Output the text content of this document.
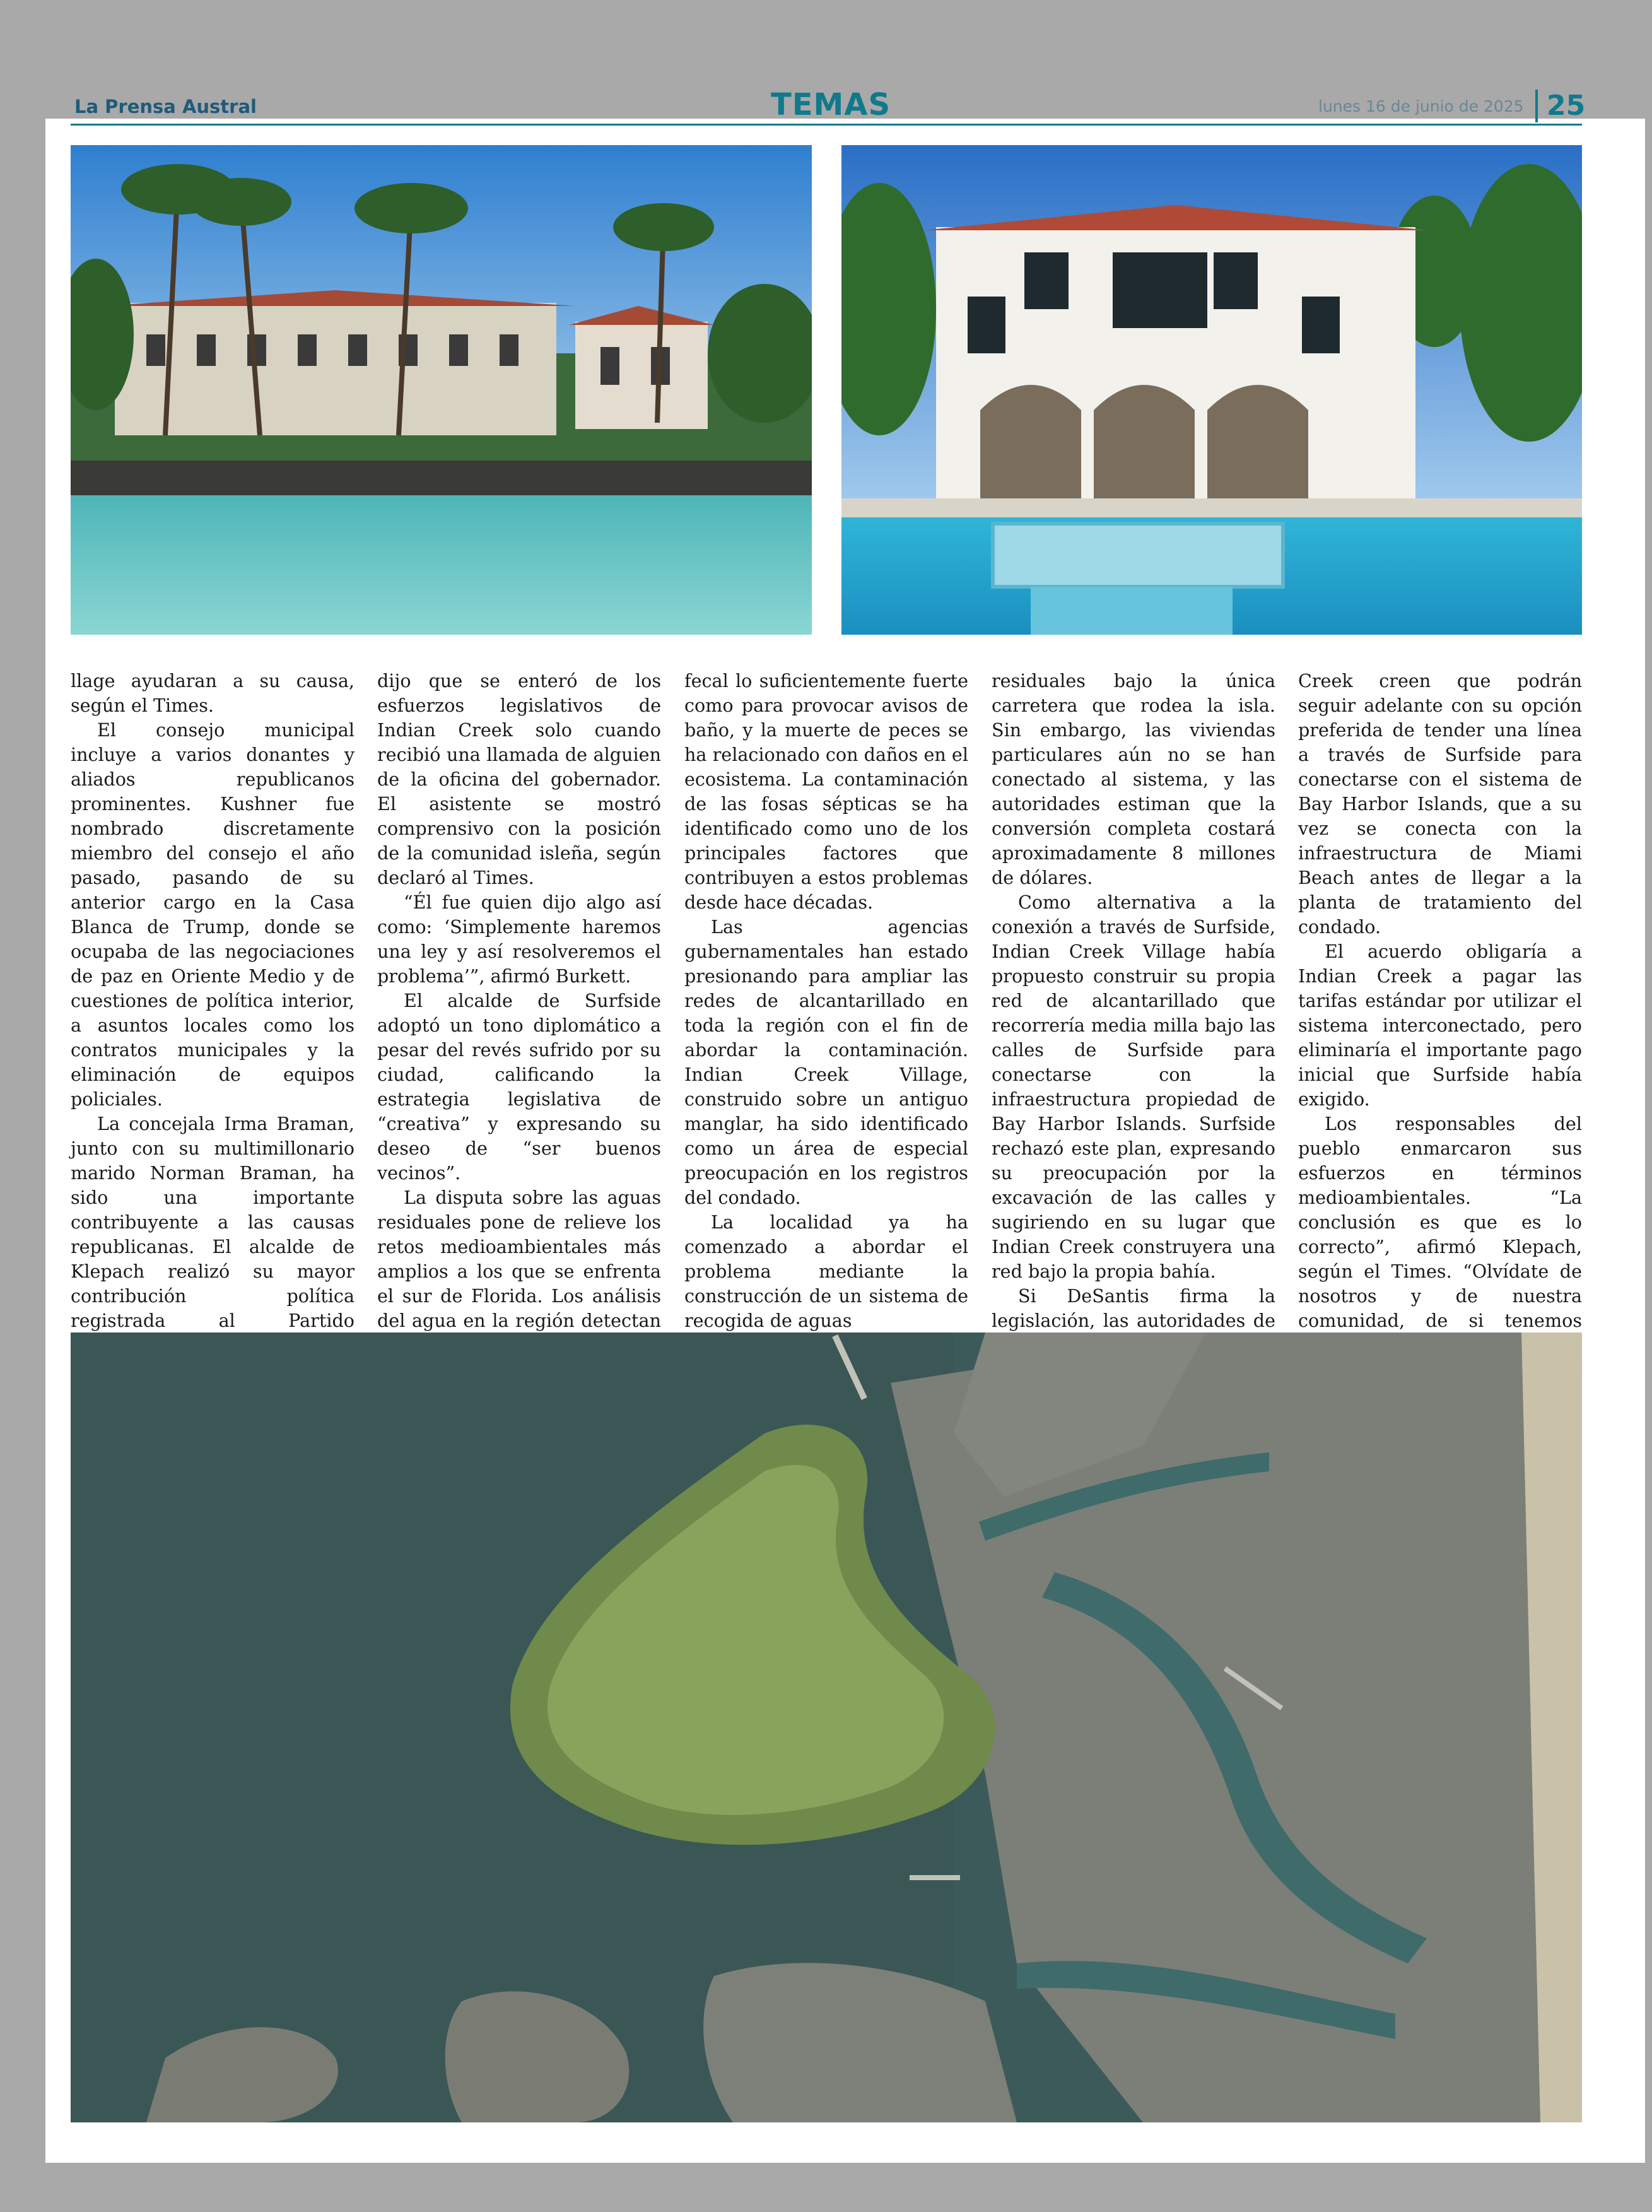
La Prensa Austral	TEMAS	lunes 16 de junio de 2025 25

llage ayudaran a su causa, según el Times.

El consejo municipal incluye a varios donantes y aliados republicanos prominentes. Kushner fue nombrado discretamente miembro del consejo el año pasado, pasando de su anterior cargo en la Casa Blanca de Trump, donde se ocupaba de las negociaciones de paz en Oriente Medio y de cuestiones de política interior, a asuntos locales como los contratos municipales y la eliminación de equipos policiales.

La concejala Irma Braman, junto con su multimillonario marido Norman Braman, ha sido una importante contribuyente a las causas republicanas. El alcalde de Klepach realizó su mayor contribución política registrada al Partido

dijo que se enteró de los esfuerzos legislativos de Indian Creek solo cuando recibió una llamada de alguien de la oficina del gobernador. El asistente se mostró comprensivo con la posición de la comunidad isleña, según declaró al Times.

“Él fue quien dijo algo así como: ‘Simplemente haremos una ley y así resolveremos el problema’”, afirmó Burkett.

El alcalde de Surfside adoptó un tono diplomático a pesar del revés sufrido por su ciudad, calificando la estrategia legislativa de “creativa” y expresando su deseo de “ser buenos vecinos”.

La disputa sobre las aguas residuales pone de relieve los retos medioambientales más amplios a los que se enfrenta el sur de Florida. Los análisis del agua en la región detectan

fecal lo suficientemente fuerte como para provocar avisos de baño, y la muerte de peces se ha relacionado con daños en el ecosistema. La contaminación de las fosas sépticas se ha identificado como uno de los principales factores que contribuyen a estos problemas desde hace décadas.

Las agencias gubernamentales han estado presionando para ampliar las redes de alcantarillado en toda la región con el fin de abordar la contaminación. Indian Creek Village, construido sobre un antiguo manglar, ha sido identificado como un área de especial preocupación en los registros del condado.

La localidad ya ha comenzado a abordar el problema mediante la construcción de un sistema de recogida de aguas

residuales bajo la única carretera que rodea la isla. Sin embargo, las viviendas particulares aún no se han conectado al sistema, y las autoridades estiman que la conversión completa costará aproximadamente 8 millones de dólares.

Como alternativa a la conexión a través de Surfside, Indian Creek Village había propuesto construir su propia red de alcantarillado que recorrería media milla bajo las calles de Surfside para conectarse con la infraestructura propiedad de Bay Harbor Islands. Surfside rechazó este plan, expresando su preocupación por la excavación de las calles y sugiriendo en su lugar que Indian Creek construyera una red bajo la propia bahía.

Si DeSantis firma la legislación, las autoridades de

Creek creen que podrán seguir adelante con su opción preferida de tender una línea a través de Surfside para conectarse con el sistema de Bay Harbor Islands, que a su vez se conecta con la infraestructura de Miami Beach antes de llegar a la planta de tratamiento del condado.

El acuerdo obligaría a Indian Creek a pagar las tarifas estándar por utilizar el sistema interconectado, pero eliminaría el importante pago inicial que Surfside había exigido.

Los responsables del pueblo enmarcaron sus esfuerzos en términos medioambientales. “La conclusión es que es lo correcto”, afirmó Klepach, según el Times. “Olvídate de nosotros y de nuestra comunidad, de si tenemos
